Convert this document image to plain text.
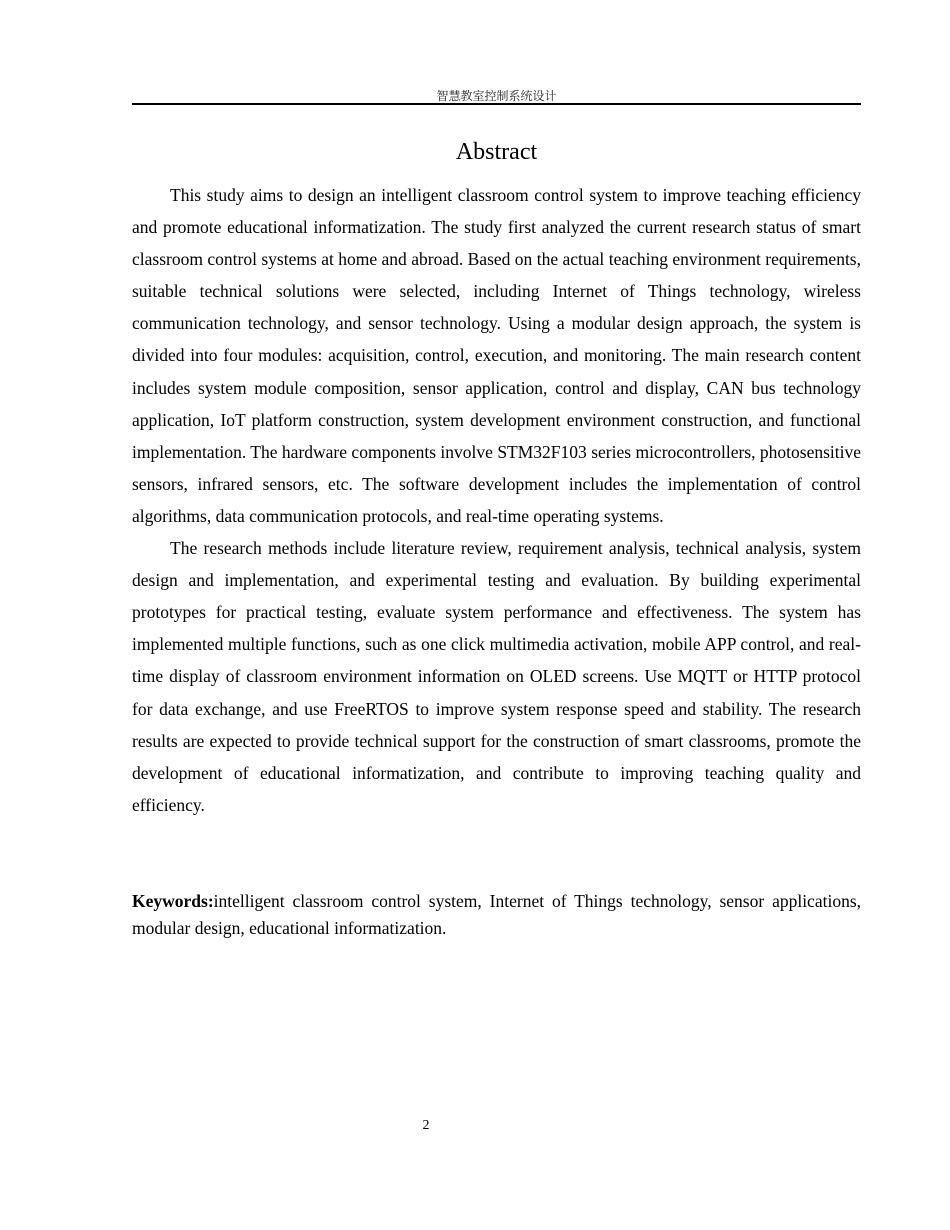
智慧教室控制系统设计
Abstract

This study aims to design an intelligent classroom control system to improve teaching efficiency and promote educational informatization. The study first analyzed the current research status of smart classroom control systems at home and abroad. Based on the actual teaching environment requirements, suitable technical solutions were selected, including Internet of Things technology, wireless communication technology, and sensor technology. Using a modular design approach, the system is divided into four modules: acquisition, control, execution, and monitoring. The main research content includes system module composition, sensor application, control and display, CAN bus technology application, IoT platform construction, system development environment construction, and functional implementation. The hardware components involve STM32F103 series microcontrollers, photosensitive sensors, infrared sensors, etc. The software development includes the implementation of control algorithms, data communication protocols, and real-time operating systems.

The research methods include literature review, requirement analysis, technical analysis, system design and implementation, and experimental testing and evaluation. By building experimental prototypes for practical testing, evaluate system performance and effectiveness. The system has implemented multiple functions, such as one click multimedia activation, mobile APP control, and real-time display of classroom environment information on OLED screens. Use MQTT or HTTP protocol for data exchange, and use FreeRTOS to improve system response speed and stability. The research results are expected to provide technical support for the construction of smart classrooms, promote the development of educational informatization, and contribute to improving teaching quality and efficiency.

Keywords:intelligent classroom control system, Internet of Things technology, sensor applications, modular design, educational informatization.

2
